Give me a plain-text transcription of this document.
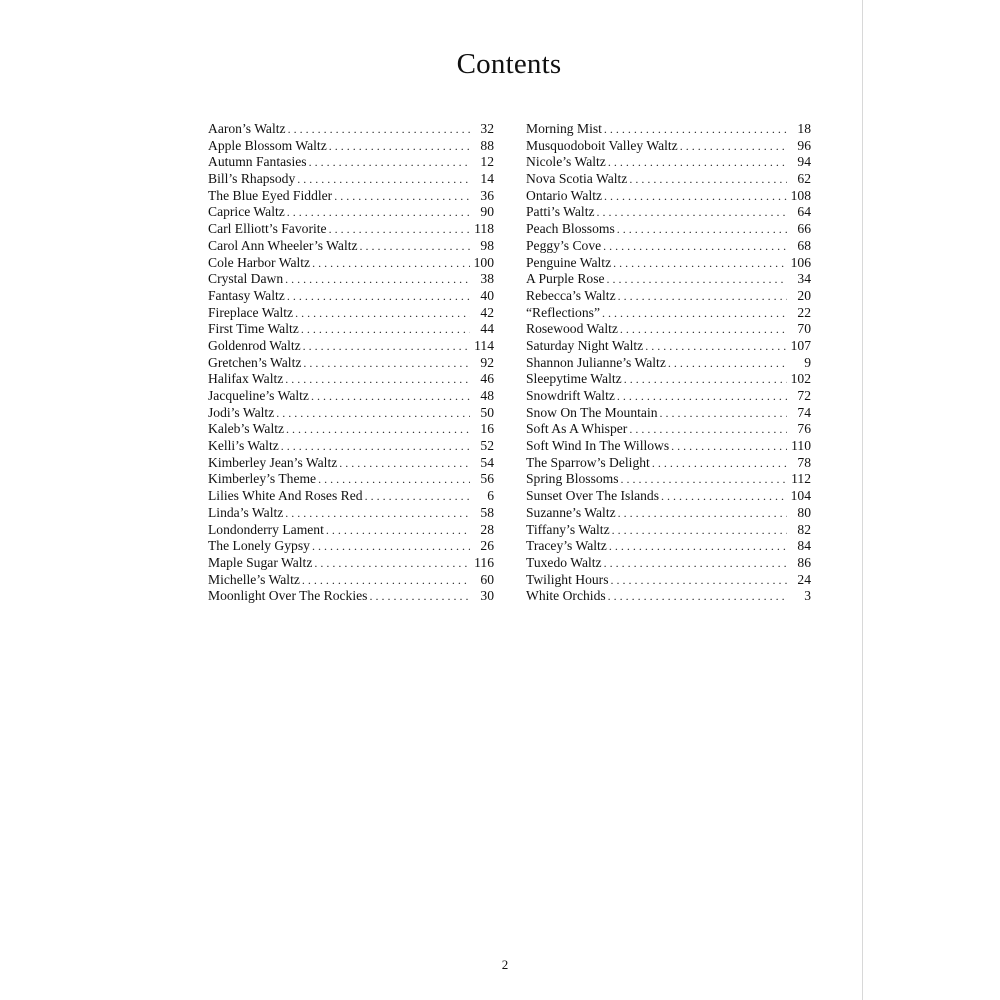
Contents
Aaron’s Waltz . . .	32
Apple Blossom Waltz . . .	88
Autumn Fantasies . . .	12
Bill’s Rhapsody . . .	14
The Blue Eyed Fiddler . . .	36
Caprice Waltz . . .	90
Carl Elliott’s Favorite . . .	118
Carol Ann Wheeler’s Waltz . . .	98
Cole Harbor Waltz . . .	100
Crystal Dawn . . .	38
Fantasy Waltz . . .	40
Fireplace Waltz . . .	42
First Time Waltz . . .	44
Goldenrod Waltz . . .	114
Gretchen’s Waltz . . .	92
Halifax Waltz . . .	46
Jacqueline’s Waltz . . .	48
Jodi’s Waltz . . .	50
Kaleb’s Waltz . . .	16
Kelli’s Waltz . . .	52
Kimberley Jean’s Waltz . . .	54
Kimberley’s Theme . . .	56
Lilies White And Roses Red . . .	6
Linda’s Waltz . . .	58
Londonderry Lament . . .	28
The Lonely Gypsy . . .	26
Maple Sugar Waltz . . .	116
Michelle’s Waltz . . .	60
Moonlight Over The Rockies . . .	30
Morning Mist . . .	18
Musquodoboit Valley Waltz . . .	96
Nicole’s Waltz . . .	94
Nova Scotia Waltz . . .	62
Ontario Waltz . . .	108
Patti’s Waltz . . .	64
Peach Blossoms . . .	66
Peggy’s Cove . . .	68
Penguine Waltz . . .	106
A Purple Rose . . .	34
Rebecca’s Waltz . . .	20
“Reflections” . . .	22
Rosewood Waltz . . .	70
Saturday Night Waltz . . .	107
Shannon Julianne’s Waltz . . .	9
Sleepytime Waltz . . .	102
Snowdrift Waltz . . .	72
Snow On The Mountain . . .	74
Soft As A Whisper . . .	76
Soft Wind In The Willows . . .	110
The Sparrow’s Delight . . .	78
Spring Blossoms . . .	112
Sunset Over The Islands . . .	104
Suzanne’s Waltz . . .	80
Tiffany’s Waltz . . .	82
Tracey’s Waltz . . .	84
Tuxedo Waltz . . .	86
Twilight Hours . . .	24
White Orchids . . .	3
2
